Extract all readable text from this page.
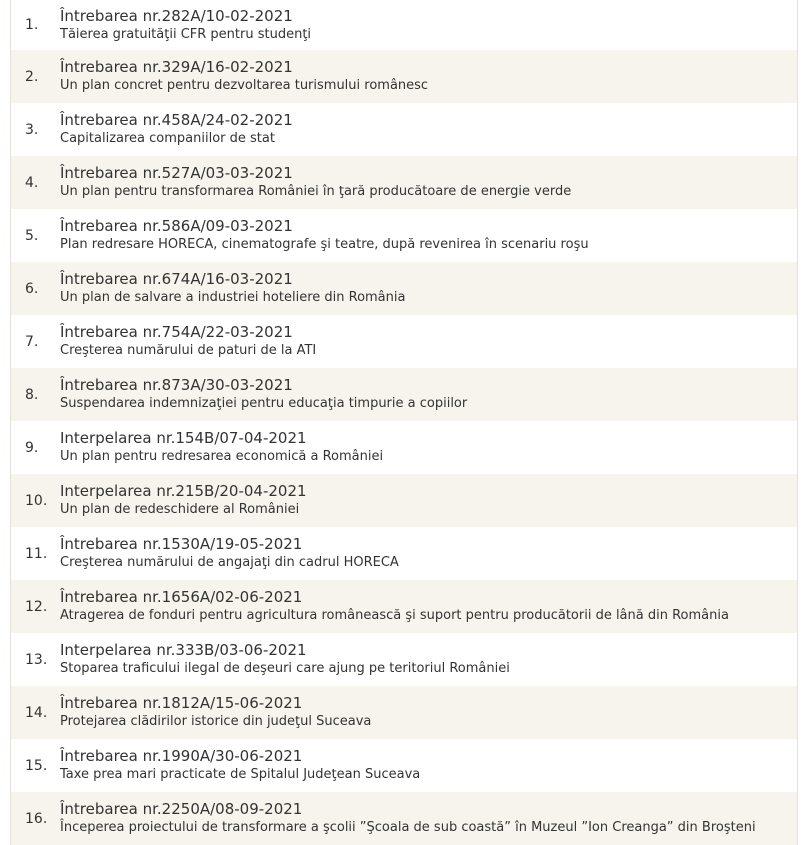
1.
Întrebarea nr.282A/10-02-2021
Tăierea gratuităţii CFR pentru studenţi
2.
Întrebarea nr.329A/16-02-2021
Un plan concret pentru dezvoltarea turismului românesc
3.
Întrebarea nr.458A/24-02-2021
Capitalizarea companiilor de stat
4.
Întrebarea nr.527A/03-03-2021
Un plan pentru transformarea României în ţară producătoare de energie verde
5.
Întrebarea nr.586A/09-03-2021
Plan redresare HORECA, cinematografe şi teatre, după revenirea în scenariu roşu
6.
Întrebarea nr.674A/16-03-2021
Un plan de salvare a industriei hoteliere din România
7.
Întrebarea nr.754A/22-03-2021
Creşterea numărului de paturi de la ATI
8.
Întrebarea nr.873A/30-03-2021
Suspendarea indemnizaţiei pentru educaţia timpurie a copiilor
9.
Interpelarea nr.154B/07-04-2021
Un plan pentru redresarea economică a României
10.
Interpelarea nr.215B/20-04-2021
Un plan de redeschidere al României
11.
Întrebarea nr.1530A/19-05-2021
Creşterea numărului de angajaţi din cadrul HORECA
12.
Întrebarea nr.1656A/02-06-2021
Atragerea de fonduri pentru agricultura românească şi suport pentru producătorii de lână din România
13.
Interpelarea nr.333B/03-06-2021
Stoparea traficului ilegal de deşeuri care ajung pe teritoriul României
14.
Întrebarea nr.1812A/15-06-2021
Protejarea clădirilor istorice din judeţul Suceava
15.
Întrebarea nr.1990A/30-06-2021
Taxe prea mari practicate de Spitalul Judeţean Suceava
16.
Întrebarea nr.2250A/08-09-2021
Începerea proiectului de transformare a şcolii ”Şcoala de sub coastă” în Muzeul ”Ion Creanga” din Broşteni
